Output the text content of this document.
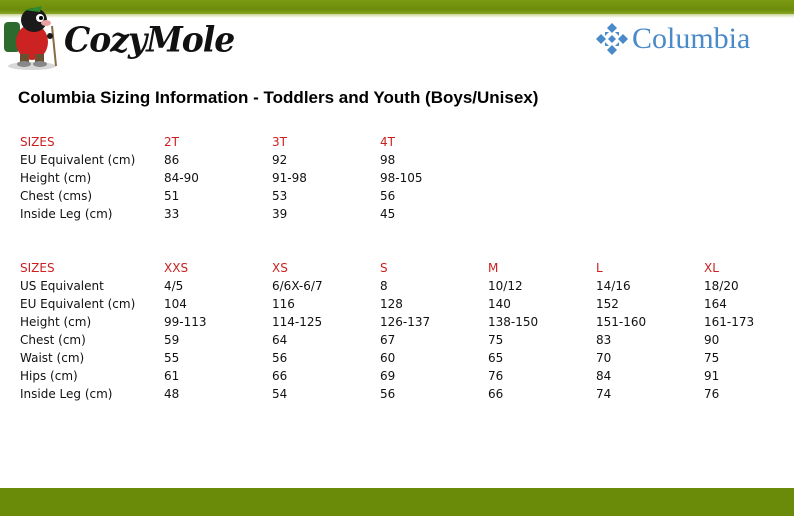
CozyMole	Columbia
Columbia Sizing Information - Toddlers and Youth (Boys/Unisex)
SIZES	2T	3T	4T
EU Equivalent (cm) 86	92	98
Height (cm)	84-90	91-98	98-105
Chest (cms)	51	53	56
Inside Leg (cm)	33	39	45
SIZES	XXS	XS	S	M	L	XL
US Equivalent	4/5	6/6X-6/7	8	10/12	14/16	18/20
EU Equivalent (cm) 104	116	128	140	152	164
Height (cm)	99-113	114-125	126-137	138-150	151-160	161-173
Chest (cm)	59	64	67	75	83	90
Waist (cm)	55	56	60	65	70	75
Hips (cm)	61	66	69	76	84	91
Inside Leg (cm)	48	54	56	66	74	76
